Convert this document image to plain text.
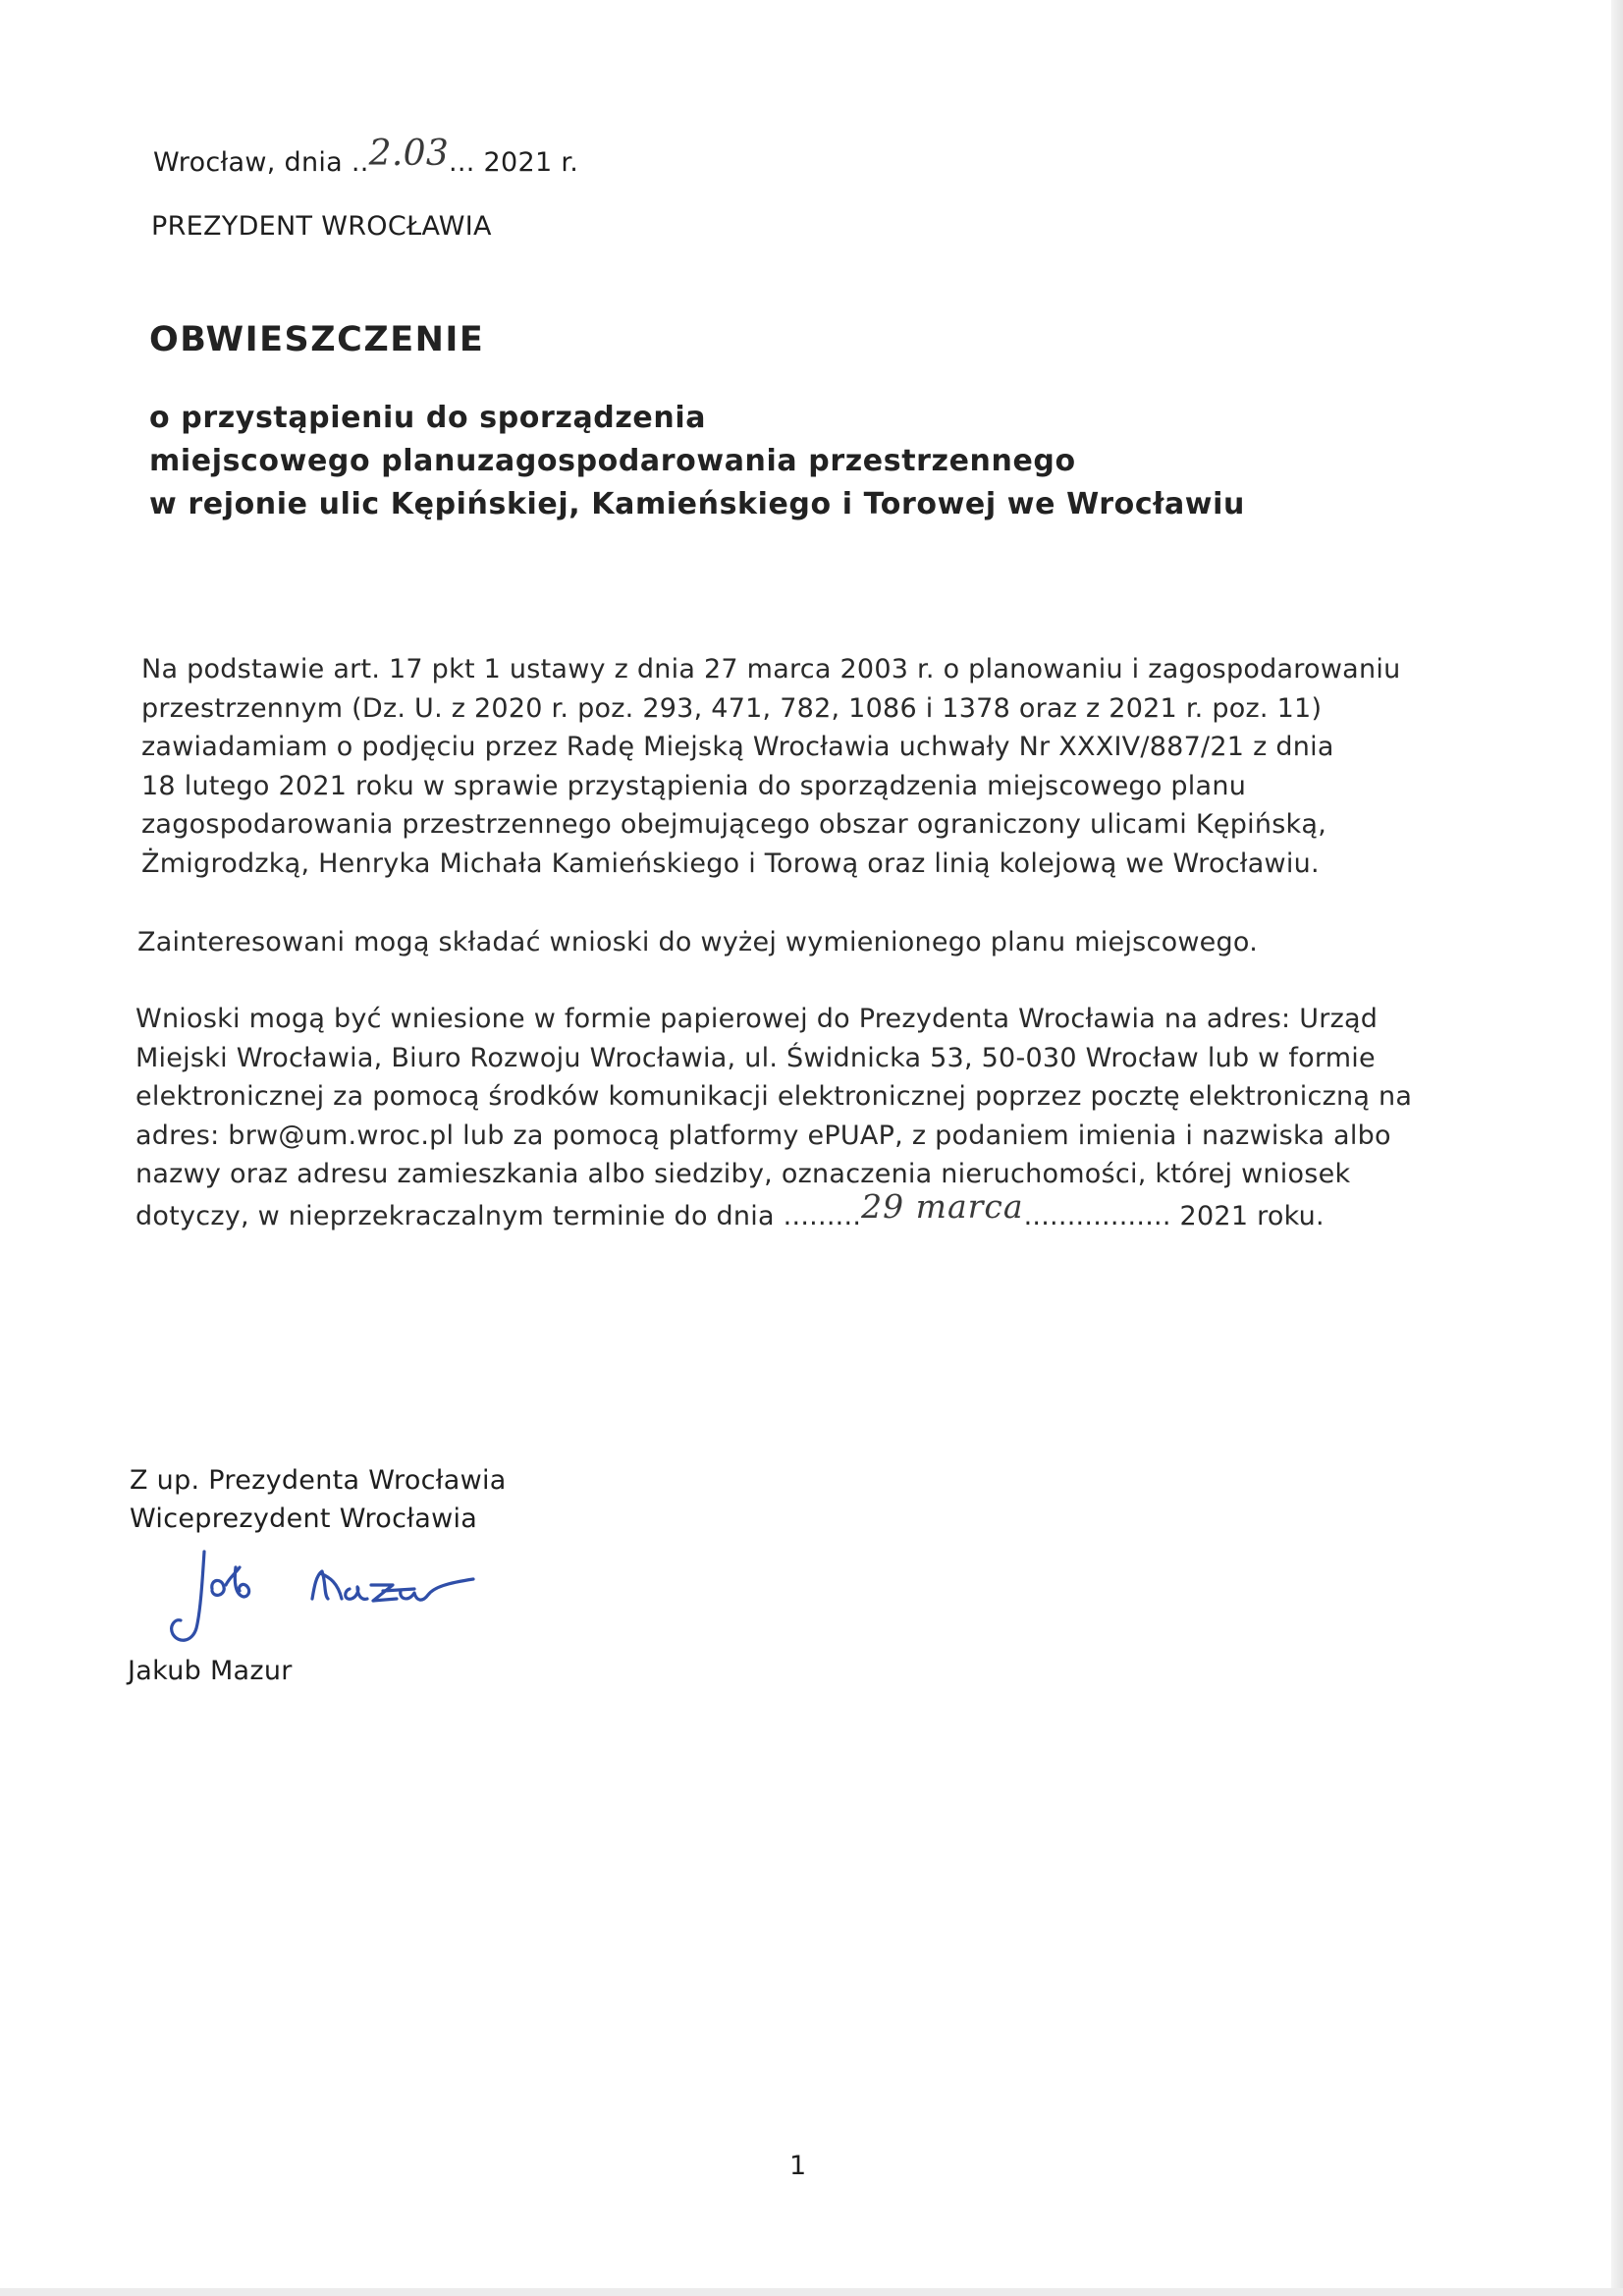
Wrocław, dnia ..2.03... 2021 r.
PREZYDENT WROCŁAWIA
OBWIESZCZENIE
o przystąpieniu do sporządzenia
miejscowego planuzagospodarowania przestrzennego
w rejonie ulic Kępińskiej, Kamieńskiego i Torowej we Wrocławiu
Na podstawie art. 17 pkt 1 ustawy z dnia 27 marca 2003 r. o planowaniu i zagospodarowaniu
przestrzennym (Dz. U. z 2020 r. poz. 293, 471, 782, 1086 i 1378 oraz z 2021 r. poz. 11)
zawiadamiam o podjęciu przez Radę Miejską Wrocławia uchwały Nr XXXIV/887/21 z dnia
18 lutego 2021 roku w sprawie przystąpienia do sporządzenia miejscowego planu
zagospodarowania przestrzennego obejmującego obszar ograniczony ulicami Kępińską,
Żmigrodzką, Henryka Michała Kamieńskiego i Torową oraz linią kolejową we Wrocławiu.
Zainteresowani mogą składać wnioski do wyżej wymienionego planu miejscowego.
Wnioski mogą być wniesione w formie papierowej do Prezydenta Wrocławia na adres: Urząd
Miejski Wrocławia, Biuro Rozwoju Wrocławia, ul. Świdnicka 53, 50-030 Wrocław lub w formie
elektronicznej za pomocą środków komunikacji elektronicznej poprzez pocztę elektroniczną na
adres: brw@um.wroc.pl lub za pomocą platformy ePUAP, z podaniem imienia i nazwiska albo
nazwy oraz adresu zamieszkania albo siedziby, oznaczenia nieruchomości, której wniosek
dotyczy, w nieprzekraczalnym terminie do dnia .........29 marca................. 2021 roku.
Z up. Prezydenta Wrocławia
Wiceprezydent Wrocławia
Jakub Mazur
1
